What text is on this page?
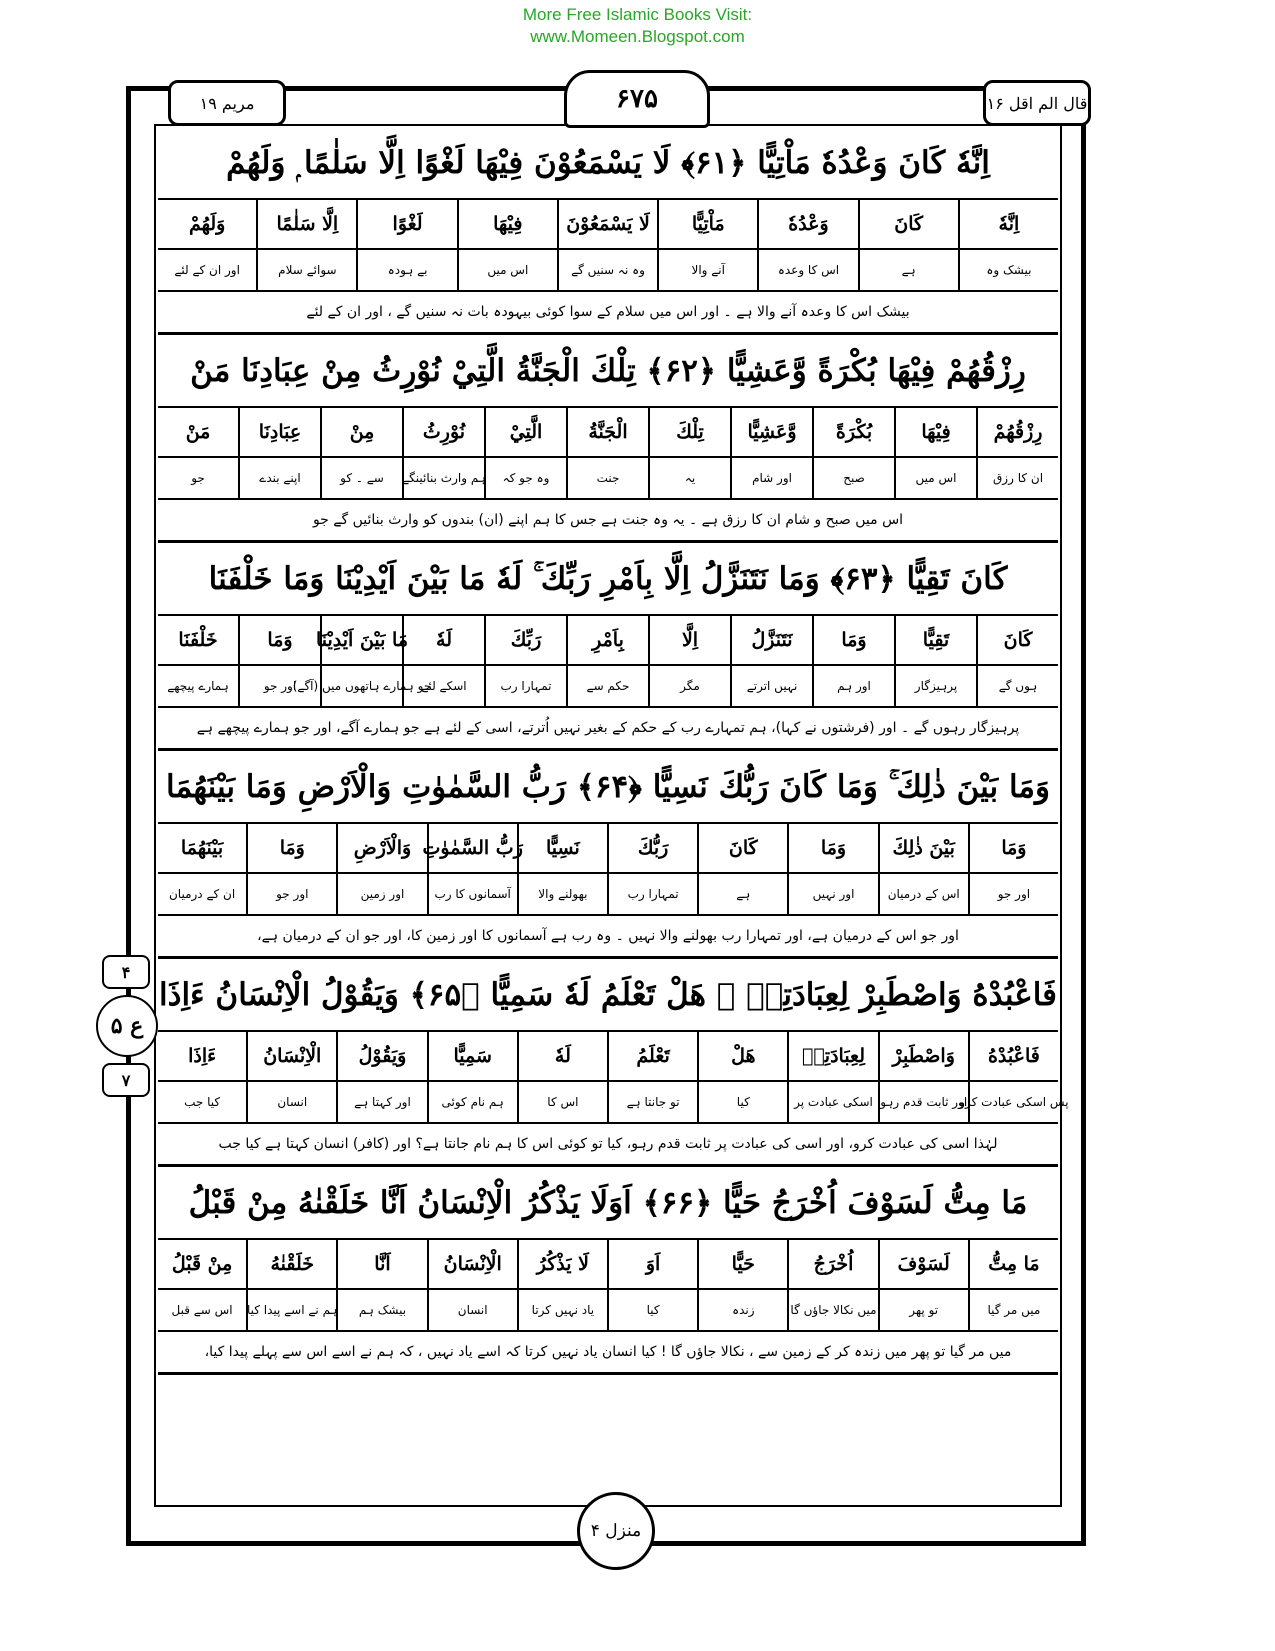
More Free Islamic Books Visit:
www.Momeen.Blogspot.com
مریم ۱۹	۶۷۵	قال الم اقل ۱۶
۴
ع ۵
۷
اِنَّهٗ كَانَ وَعْدُهٗ مَاْتِيًّا ﴿۶۱﴾ لَا يَسْمَعُوْنَ فِيْهَا لَغْوًا اِلَّا سَلٰمًا ۭ وَلَهُمْ
اِنَّهٗ
بیشک وہ
كَانَ
ہے
وَعْدُهٗ
اس کا وعدہ
مَاْتِيًّا
آنے والا
لَا يَسْمَعُوْنَ
وہ نہ سنیں گے
فِيْهَا
اس میں
لَغْوًا
بے ہودہ
اِلَّا سَلٰمًا
سوائے سلام
وَلَهُمْ
اور ان کے لئے
بیشک اس کا وعدہ آنے والا ہے ۔ اور اس میں سلام کے سوا کوئی بیہودہ بات نہ سنیں گے ، اور ان کے لئے
رِزْقُهُمْ فِيْهَا بُكْرَةً وَّعَشِيًّا ﴿۶۲﴾ تِلْكَ الْجَنَّةُ الَّتِيْ نُوْرِثُ مِنْ عِبَادِنَا مَنْ
رِزْقُهُمْ
ان کا رزق
فِيْهَا
اس میں
بُكْرَةً
صبح
وَّعَشِيًّا
اور شام
تِلْكَ
یہ
الْجَنَّةُ
جنت
الَّتِيْ
وہ جو کہ
نُوْرِثُ
ہم وارث بنائینگے
مِنْ
سے ۔ کو
عِبَادِنَا
اپنے بندے
مَنْ
جو
اس میں صبح و شام ان کا رزق ہے ۔ یہ وہ جنت ہے جس کا ہم اپنے (ان) بندوں کو وارث بنائیں گے جو
كَانَ تَقِيًّا ﴿۶۳﴾ وَمَا نَتَنَزَّلُ اِلَّا بِاَمْرِ رَبِّكَ ۚ لَهٗ مَا بَيْنَ اَيْدِيْنَا وَمَا خَلْفَنَا
كَانَ
ہوں گے
تَقِيًّا
پرہیزگار
وَمَا
اور ہم
نَتَنَزَّلُ
نہیں اترتے
اِلَّا
مگر
بِاَمْرِ
حکم سے
رَبِّكَ
تمہارا رب
لَهٗ
اسکے لئے
مَا بَيْنَ اَيْدِيْنَا
جو ہمارے ہاتھوں میں (آگے)
وَمَا
اور جو
خَلْفَنَا
ہمارے پیچھے
پرہیزگار رہوں گے ۔ اور (فرشتوں نے کہا)، ہم تمہارے رب کے حکم کے بغیر نہیں اُترتے، اسی کے لئے ہے جو ہمارے آگے، اور جو ہمارے پیچھے ہے
وَمَا بَيْنَ ذٰلِكَ ۚ وَمَا كَانَ رَبُّكَ نَسِيًّا ﴿۶۴﴾ رَبُّ السَّمٰوٰتِ وَالْاَرْضِ وَمَا بَيْنَهُمَا
وَمَا
اور جو
بَيْنَ ذٰلِكَ
اس کے درمیان
وَمَا
اور نہیں
كَانَ
ہے
رَبُّكَ
تمہارا رب
نَسِيًّا
بھولنے والا
رَبُّ السَّمٰوٰتِ
آسمانوں کا رب
وَالْاَرْضِ
اور زمین
وَمَا
اور جو
بَيْنَهُمَا
ان کے درمیان
اور جو اس کے درمیان ہے، اور تمہارا رب بھولنے والا نہیں ۔ وہ رب ہے آسمانوں کا اور زمین کا، اور جو ان کے درمیان ہے،
فَاعْبُدْهُ وَاصْطَبِرْ لِعِبَادَتِهٖ ۭ هَلْ تَعْلَمُ لَهٗ سَمِيًّا ﴿۶۵﴾ وَيَقُوْلُ الْاِنْسَانُ ءَاِذَا
فَاعْبُدْهُ
پس اسکی عبادت کرو
وَاصْطَبِرْ
اور ثابت قدم رہو
لِعِبَادَتِهٖ
اسکی عبادت پر
هَلْ
کیا
تَعْلَمُ
تو جانتا ہے
لَهٗ
اس کا
سَمِيًّا
ہم نام کوئی
وَيَقُوْلُ
اور کہتا ہے
الْاِنْسَانُ
انسان
ءَاِذَا
کیا جب
لہٰذا اسی کی عبادت کرو، اور اسی کی عبادت پر ثابت قدم رہو، کیا تو کوئی اس کا ہم نام جانتا ہے؟ اور (کافر) انسان کہتا ہے کیا جب
مَا مِتُّ لَسَوْفَ اُخْرَجُ حَيًّا ﴿۶۶﴾ اَوَلَا يَذْكُرُ الْاِنْسَانُ اَنَّا خَلَقْنٰهُ مِنْ قَبْلُ
مَا مِتُّ
میں مر گیا
لَسَوْفَ
تو پھر
اُخْرَجُ
میں نکالا جاؤں گا
حَيًّا
زندہ
اَوَ
کیا
لَا يَذْكُرُ
یاد نہیں کرتا
الْاِنْسَانُ
انسان
اَنَّا
بیشک ہم
خَلَقْنٰهُ
ہم نے اسے پیدا کیا
مِنْ قَبْلُ
اس سے قبل
میں مر گیا تو پھر میں زندہ کر کے زمین سے ، نکالا جاؤں گا ! کیا انسان یاد نہیں کرتا کہ اسے یاد نہیں ، کہ ہم نے اسے اس سے پہلے پیدا کیا،
منزل ۴
